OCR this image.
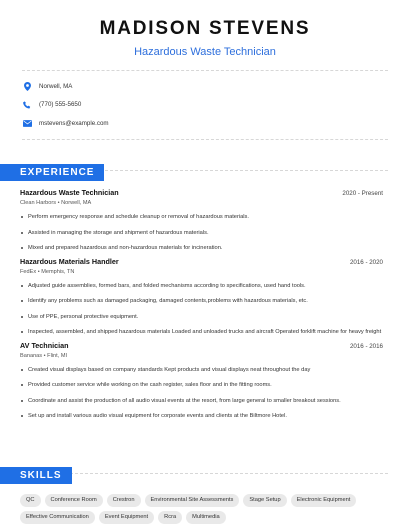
MADISON STEVENS
Hazardous Waste Technician
Norwell, MA
(770) 555-5650
mstevens@example.com
EXPERIENCE
Hazardous Waste Technician	2020 - Present
Clean Harbors • Norwell, MA
Perform emergency response and schedule cleanup or removal of hazardous materials.
Assisted in managing the storage and shipment of hazardous materials.
Mixed and prepared hazardous and non-hazardous materials for incineration.
Hazardous Materials Handler	2016 - 2020
FedEx • Memphis, TN
Adjusted guide assemblies, formed bars, and folded mechanisms according to specifications, used hand tools.
Identify any problems such as damaged packaging, damaged contents,problems with hazardous materials, etc.
Use of PPE, personal protective equipment.
Inspected, assembled, and shipped hazardous materials Loaded and unloaded trucks and aircraft Operated forklift machine for heavy freight
AV Technician	2016 - 2016
Bananas • Flint, MI
Created visual displays based on company standards Kept products and visual displays neat throughout the day
Provided customer service while working on the cash register, sales floor and in the fitting rooms.
Coordinate and assist the production of all audio visual events at the resort, from large general to smaller breakout sessions.
Set up and install various audio visual equipment for corporate events and clients at the Biltmore Hotel.
SKILLS
QC	Conference Room	Crestron	Environmental Site Assessments	Stage Setup	Electronic Equipment
Effective Communication	Event Equipment	Rcra	Multimedia
